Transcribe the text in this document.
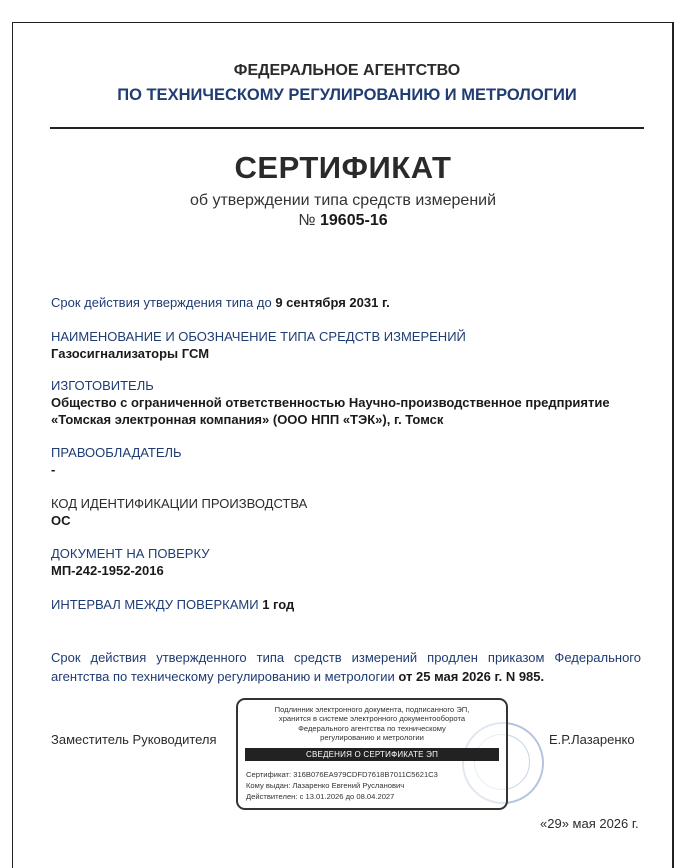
ФЕДЕРАЛЬНОЕ АГЕНТСТВО
ПО ТЕХНИЧЕСКОМУ РЕГУЛИРОВАНИЮ И МЕТРОЛОГИИ
СЕРТИФИКАТ
об утверждении типа средств измерений
№ 19605-16
Срок действия утверждения типа до 9 сентября 2031 г.
НАИМЕНОВАНИЕ И ОБОЗНАЧЕНИЕ ТИПА СРЕДСТВ ИЗМЕРЕНИЙ
Газосигнализаторы ГСМ
ИЗГОТОВИТЕЛЬ
Общество с ограниченной ответственностью Научно-производственное предприятие
«Томская электронная компания» (ООО НПП «ТЭК»), г. Томск
ПРАВООБЛАДАТЕЛЬ
-
КОД ИДЕНТИФИКАЦИИ ПРОИЗВОДСТВА
ОС
ДОКУМЕНТ НА ПОВЕРКУ
МП-242-1952-2016
ИНТЕРВАЛ МЕЖДУ ПОВЕРКАМИ 1 год
Срок действия утвержденного типа средств измерений продлен приказом Федерального агентства по техническому регулированию и метрологии от 25 мая 2026 г. N 985.
Заместитель Руководителя
Подлинник электронного документа, подписанного ЭП,
хранится в системе электронного документооборота
Федерального агентства по техническому
регулированию и метрологии
СВЕДЕНИЯ О СЕРТИФИКАТЕ ЭП
Сертификат: 316B076EA979CDFD7618B7011C5621C3
Кому выдан: Лазаренко Евгений Русланович
Действителен: с 13.01.2026 до 08.04.2027
Е.Р.Лазаренко
«29» мая 2026 г.
